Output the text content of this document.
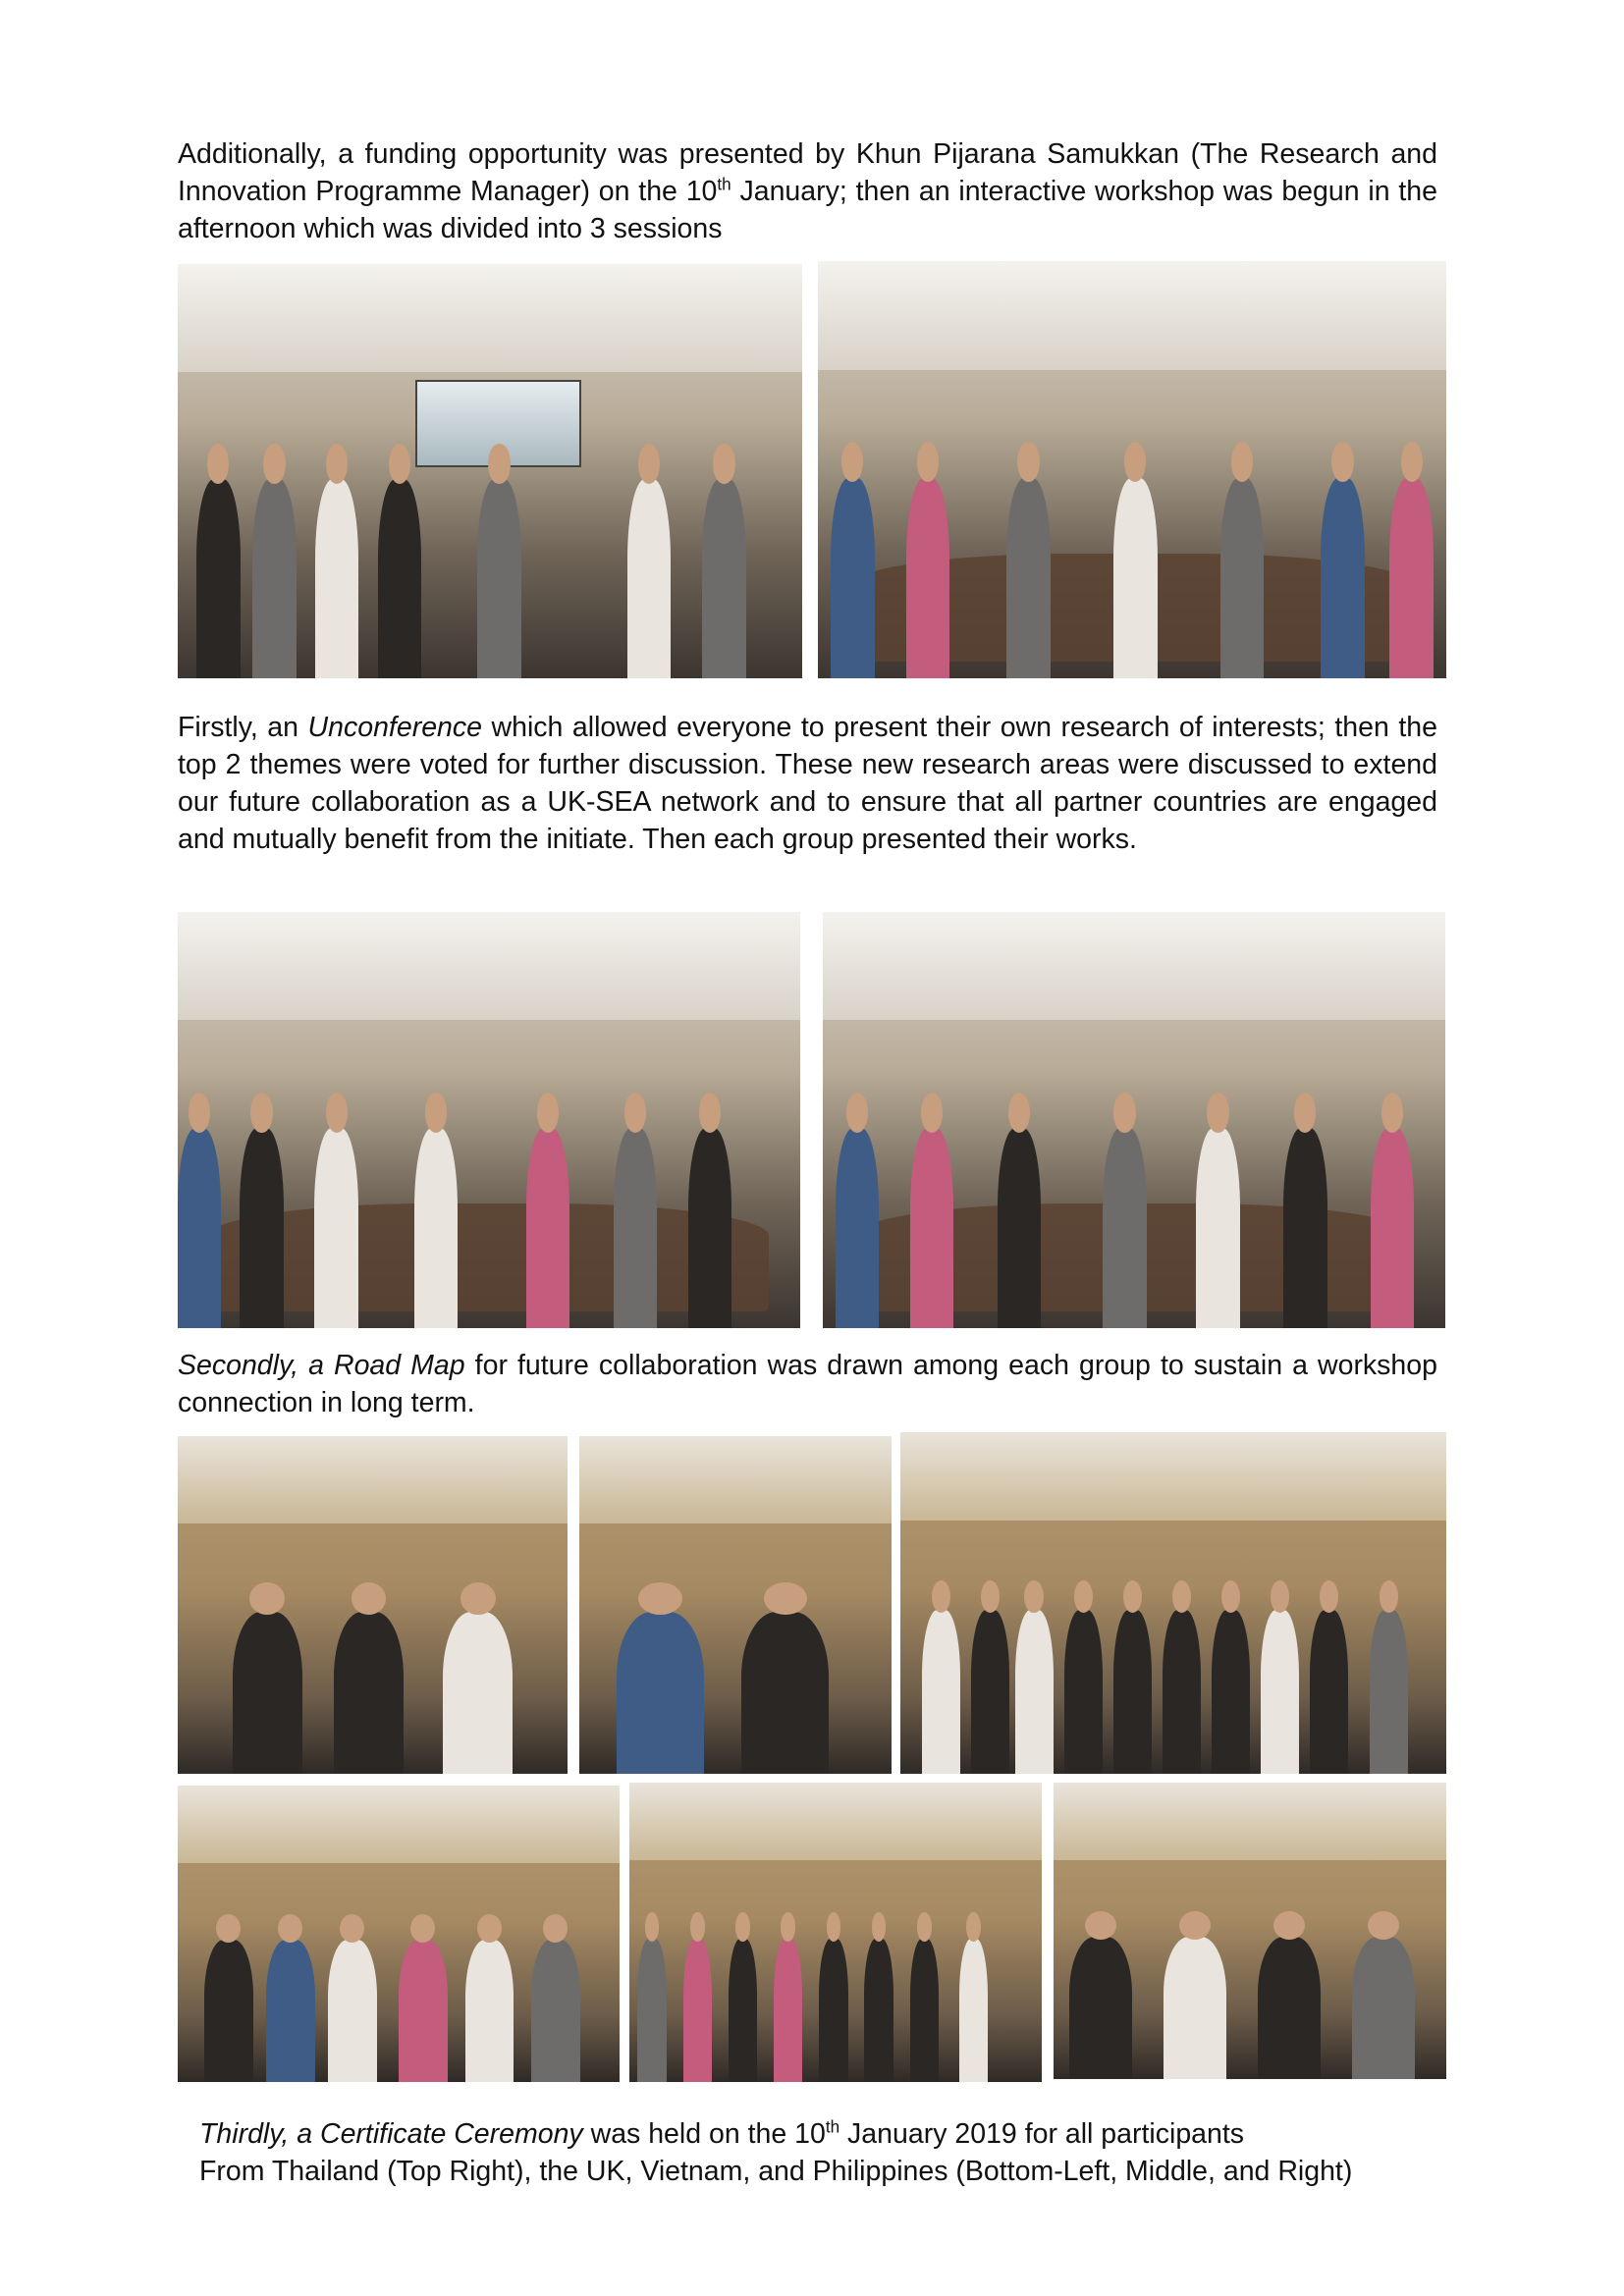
Additionally, a funding opportunity was presented by Khun Pijarana Samukkan (The Research and Innovation Programme Manager) on the 10th January; then an interactive workshop was begun in the afternoon which was divided into 3 sessions

Firstly, an Unconference which allowed everyone to present their own research of interests; then the top 2 themes were voted for further discussion. These new research areas were discussed to extend our future collaboration as a UK-SEA network and to ensure that all partner countries are engaged and mutually benefit from the initiate. Then each group presented their works.

Secondly, a Road Map for future collaboration was drawn among each group to sustain a workshop connection in long term.

Thirdly, a Certificate Ceremony was held on the 10th January 2019 for all participants
From Thailand (Top Right), the UK, Vietnam, and Philippines (Bottom-Left, Middle, and Right)
